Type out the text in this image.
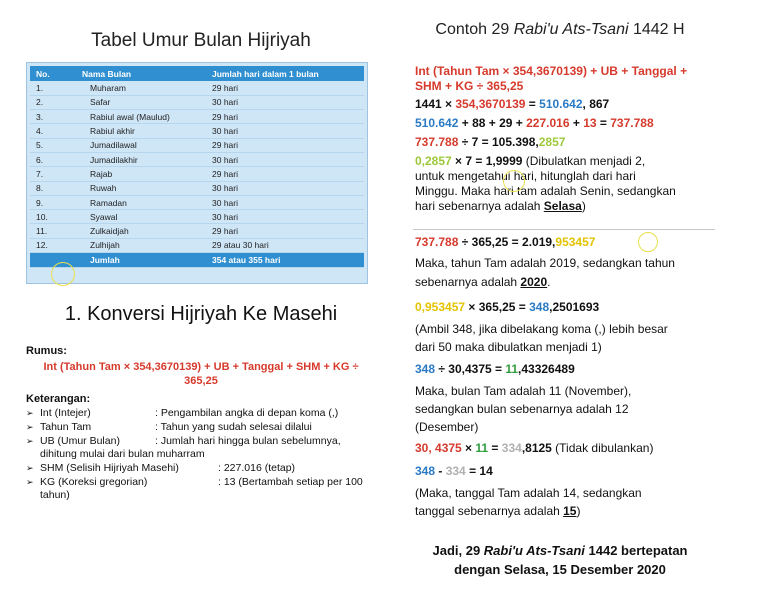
Tabel Umur Bulan Hijriyah
No.	Nama Bulan	Jumlah hari dalam 1 bulan
1.	Muharam	29 hari
2.	Safar	30 hari
3.	Rabiul awal (Maulud)	29 hari
4.	Rabiul akhir	30 hari
5.	Jumadilawal	29 hari
6.	Jumadilakhir	30 hari
7.	Rajab	29 hari
8.	Ruwah	30 hari
9.	Ramadan	30 hari
10.	Syawal	30 hari
11.	Zulkaidjah	29 hari
12.	Zulhijah	29 atau 30 hari
	Jumlah	354 atau 355 hari
1. Konversi Hijriyah Ke Masehi
Rumus:
Int (Tahun Tam × 354,3670139) + UB + Tanggal + SHM + KG ÷
365,25
Keterangan:
➢ Int (Intejer)	: Pengambilan angka di depan koma (,)
➢ Tahun Tam	: Tahun yang sudah selesai dilalui
➢ UB (Umur Bulan)	: Jumlah hari hingga bulan sebelumnya, dihitung mulai dari bulan muharram
➢ SHM (Selisih Hijriyah Masehi)	: 227.016 (tetap)
➢ KG (Koreksi gregorian)	: 13 (Bertambah setiap per 100 tahun)
Contoh 29 Rabi'u Ats-Tsani 1442 H
Int (Tahun Tam × 354,3670139) + UB + Tanggal +
SHM + KG ÷ 365,25
1441 × 354,3670139 = 510.642, 867
510.642 + 88 + 29 + 227.016 + 13 = 737.788
737.788 ÷ 7 = 105.398,2857
0,2857 × 7 = 1,9999 (Dibulatkan menjadi 2,
untuk mengetahui hari, hitunglah dari hari
Minggu. Maka hari tam adalah Senin, sedangkan
hari sebenarnya adalah Selasa)
737.788 ÷ 365,25 = 2.019,953457
Maka, tahun Tam adalah 2019, sedangkan tahun
sebenarnya adalah 2020.
0,953457 × 365,25 = 348,2501693
(Ambil 348, jika dibelakang koma (,) lebih besar
dari 50 maka dibulatkan menjadi 1)
348 ÷ 30,4375 = 11,43326489
Maka, bulan Tam adalah 11 (November),
sedangkan bulan sebenarnya adalah 12
(Desember)
30, 4375 × 11 = 334,8125 (Tidak dibulankan)
348 - 334 = 14
(Maka, tanggal Tam adalah 14, sedangkan
tanggal sebenarnya adalah 15)
Jadi, 29 Rabi'u Ats-Tsani 1442 bertepatan
dengan Selasa, 15 Desember 2020
